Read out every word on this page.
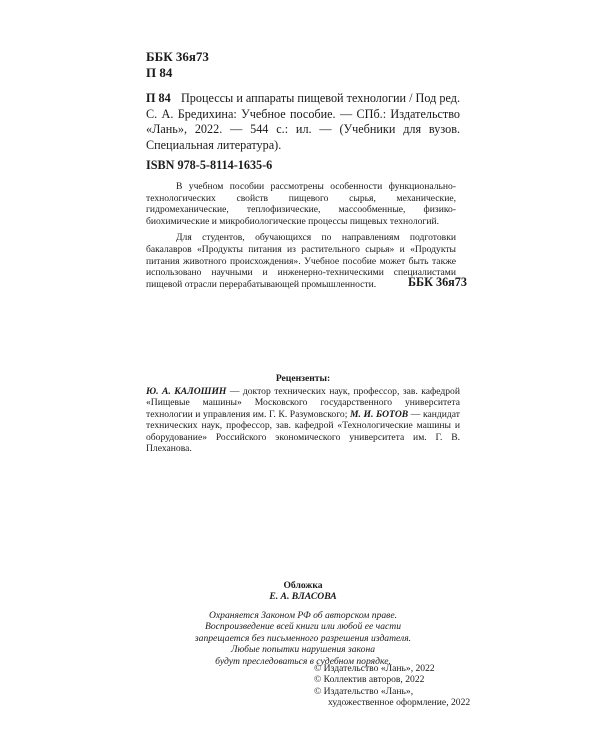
ББК 36я73
П 84
П 84 Процессы и аппараты пищевой технологии / Под ред. С. А. Бредихина: Учебное пособие. — СПб.: Издательство «Лань», 2022. — 544 с.: ил. — (Учебники для вузов. Специальная литература).
ISBN 978-5-8114-1635-6

В учебном пособии рассмотрены особенности функционально-технологических свойств пищевого сырья, механические, гидромеханические, теплофизические, массообменные, физико-биохимические и микробиологические процессы пищевых технологий.

Для студентов, обучающихся по направлениям подготовки бакалавров «Продукты питания из растительного сырья» и «Продукты питания животного происхождения». Учебное пособие может быть также использовано научными и инженерно-техническими специалистами пищевой отрасли перерабатывающей промышленности.	ББК 36я73
Рецензенты:
Ю. А. КАЛОШИН — доктор технических наук, профессор, зав. кафедрой «Пищевые машины» Московского государственного университета технологии и управления им. Г. К. Разумовского; М. И. БОТОВ — кандидат технических наук, профессор, зав. кафедрой «Технологические машины и оборудование» Российского экономического университета им. Г. В. Плеханова.
Обложка
Е. А. ВЛАСОВА
Охраняется Законом РФ об авторском праве.
Воспроизведение всей книги или любой ее части
запрещается без письменного разрешения издателя.
Любые попытки нарушения закона
будут преследоваться в судебном порядке.
© Издательство «Лань», 2022
© Коллектив авторов, 2022
© Издательство «Лань»,
художественное оформление, 2022
